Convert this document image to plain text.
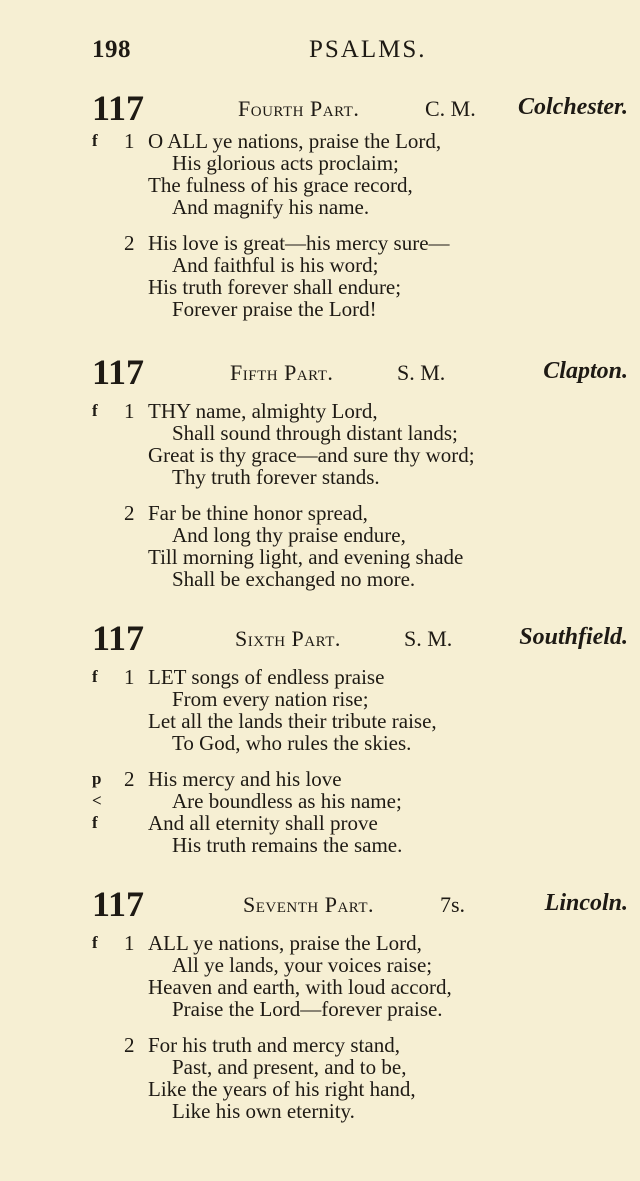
198	PSALMS.
117	Fourth Part.	C. M. Colchester.
f 1 O ALL ye nations, praise the Lord,
His glorious acts proclaim;
The fulness of his grace record,
And magnify his name.
2 His love is great—his mercy sure—
And faithful is his word;
His truth forever shall endure;
Forever praise the Lord!
117	Fifth Part.	S. M.	Clapton.
f 1 THY name, almighty Lord,
Shall sound through distant lands;
Great is thy grace—and sure thy word;
Thy truth forever stands.
2 Far be thine honor spread,
And long thy praise endure,
Till morning light, and evening shade
Shall be exchanged no more.
117	Sixth Part.	S. M.	Southfield.
f 1 LET songs of endless praise
From every nation rise;
Let all the lands their tribute raise,
To God, who rules the skies.
p 2 His mercy and his love
<	Are boundless as his name;
f And all eternity shall prove
His truth remains the same.
117	Seventh Part.	7s.	Lincoln.
f 1 ALL ye nations, praise the Lord,
All ye lands, your voices raise;
Heaven and earth, with loud accord,
Praise the Lord—forever praise.
2 For his truth and mercy stand,
Past, and present, and to be,
Like the years of his right hand,
Like his own eternity.
